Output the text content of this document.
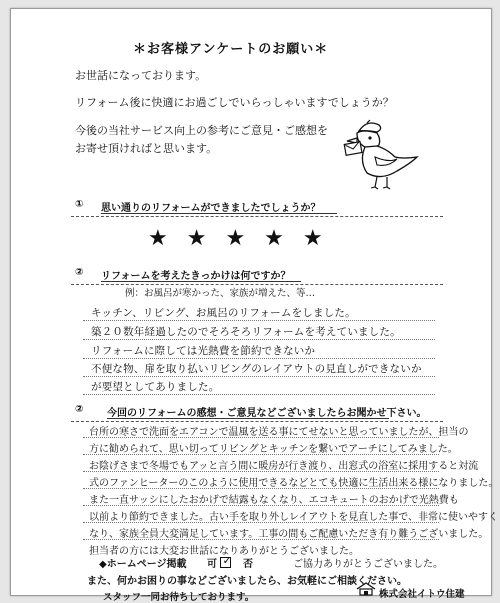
＊お客様アンケートのお願い＊
お世話になっております。
リフォーム後に快適にお過ごしでいらっしゃいますでしょうか？
今後の当社サービス向上の参考にご意見・ご感想を
お寄せ頂ければと思います。
① 思い通りのリフォームができましたでしょうか？
★★★★★
② リフォームを考えたきっかけは何ですか？
例：お風呂が寒かった、家族が増えた、等…
キッチン、リビング、お風呂のリフォームをしました。
築２０数年経過したのでそろそろリフォームを考えていました。
リフォームに際しては光熱費を節約できないか
不便な物、扉を取り払いリビングのレイアウトの見直しができないか
が要望としてありました。
② 今回のリフォームの感想・ご意見などございましたらお聞かせ下さい。
台所の寒さで洗面をエアコンで温風を送る事にてせないと思っていましたが、担当の
方に勧められて、思い切ってリビングとキッチンを繋いでアーチにしてみました。
お陰げさまで冬場でもアッと言う間に暖房が行き渡り、出窓式の浴室に採用すると対流
式のファンヒーターのこのように使用できるなどとても快適に生活出来る様になりました。
また一直サッシにしたおかげで結露もなくなり、エコキュートのおかげで光熱費も
以前より節約できました。古い手を取り外しレイアウトを見直した事で、非常に使いやすく
なり、家族全員大変満足しています。工事の間もご配慮いただき有り難うございました。
担当者の方には大変お世話になりありがとうございました。
◆ホームページ掲載 可 ✓ 否	ご協力ありがとうございました。
また、何かお困りの事などございましたら、お気軽にご相談ください。
スタッフ一同お待ちしております。	株式会社イトウ住建
